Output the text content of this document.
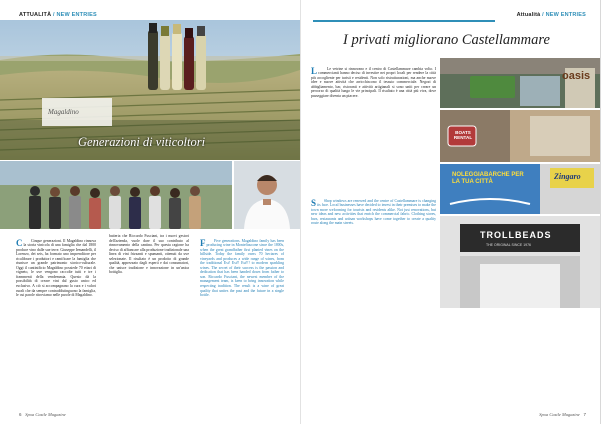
ATTUALITÀ / NEW ENTRIES
Magaldino
Generazioni di viticoltori

C Cinque generazioni. Il Magaldino rinnova la storia vinicola di una famiglia che dal 1800 produce vino dalle sue terre. Giuseppe Iemandelli, il Lorenzo, dei seis, ha formato uno imprenditore per ricalibrare i produttori e ramificare la famiglia che riunisce un grande patrimonio storico-culturale. Oggi il cantinificio Magaldino possiede 70 ettari di vigneto, le uve vengono raccolte tutti e tre i frammenti della vendemmia. Questo dà la possibilità di creare vini dal gusto unico ed esclusivo. A ciò si accompagnano la cura e i valori rurali che da sempre contraddistinguono la famiglia, le cui parole ritroviamo nelle parole di Magaldino.

batteria che Riccardo Fusciani, tra i nuovi gestori dell'azienda, vuole dare il suo contributo al rinnovamento della cantina. Per questa ragione ha deciso di affiancare alla produzione tradizionale una linea di vini frizzanti e spumanti, ottenuti da uve selezionate. Il risultato è un prodotto di grande qualità, apprezzato dagli esperti e dai consumatori, che unisce tradizione e innovazione in un'unica bottiglia.

F Five generations. Magaldino family has been producing wine in Montefiascone since the 1800s, when the great grandfather first planted vines on the hillside. Today the family owns 70 hectares of vineyards and produces a wide range of wines, from the traditional Est! Est!! Est!!! to modern sparkling wines. The secret of their success is the passion and dedication that has been handed down from father to son. Riccardo Fusciani, the newest member of the management team, is keen to bring innovation while respecting tradition. The result is a wine of great quality that unites the past and the future in a single bottle.

6 Spoa Castle Magazine
Attualità / NEW ENTRIES
I privati migliorano Castellammare

L	Le vetrine si rinnovano e il centro di Castellammare cambia volto. I commercianti hanno deciso di investire nei propri locali per rendere la città più accogliente per turisti e residenti. Non solo ristrutturazioni, ma anche nuove idee e nuove attività che arricchiscono il tessuto commerciale. Negozi di abbigliamento, bar, ristoranti e attività artigianali si sono uniti per creare un percorso di qualità lungo le vie principali. Il risultato è una città più viva, dove passeggiare diventa un piacere.

S Shop windows are renewed and the centre of Castellammare is changing its face. Local businesses have decided to invest in their premises to make the town more welcoming for tourists and residents alike. Not just renovations, but new ideas and new activities that enrich the commercial fabric. Clothing stores, bars, restaurants and artisan workshops have come together to create a quality route along the main streets.

oasis
BOATS RENTAL
NOLEGGIABARCHE PER LA TUA CITTÀ
Zingaro
TROLLBEADS
THE ORIGINAL SINCE 1976
Spoa Castle Magazine 7
